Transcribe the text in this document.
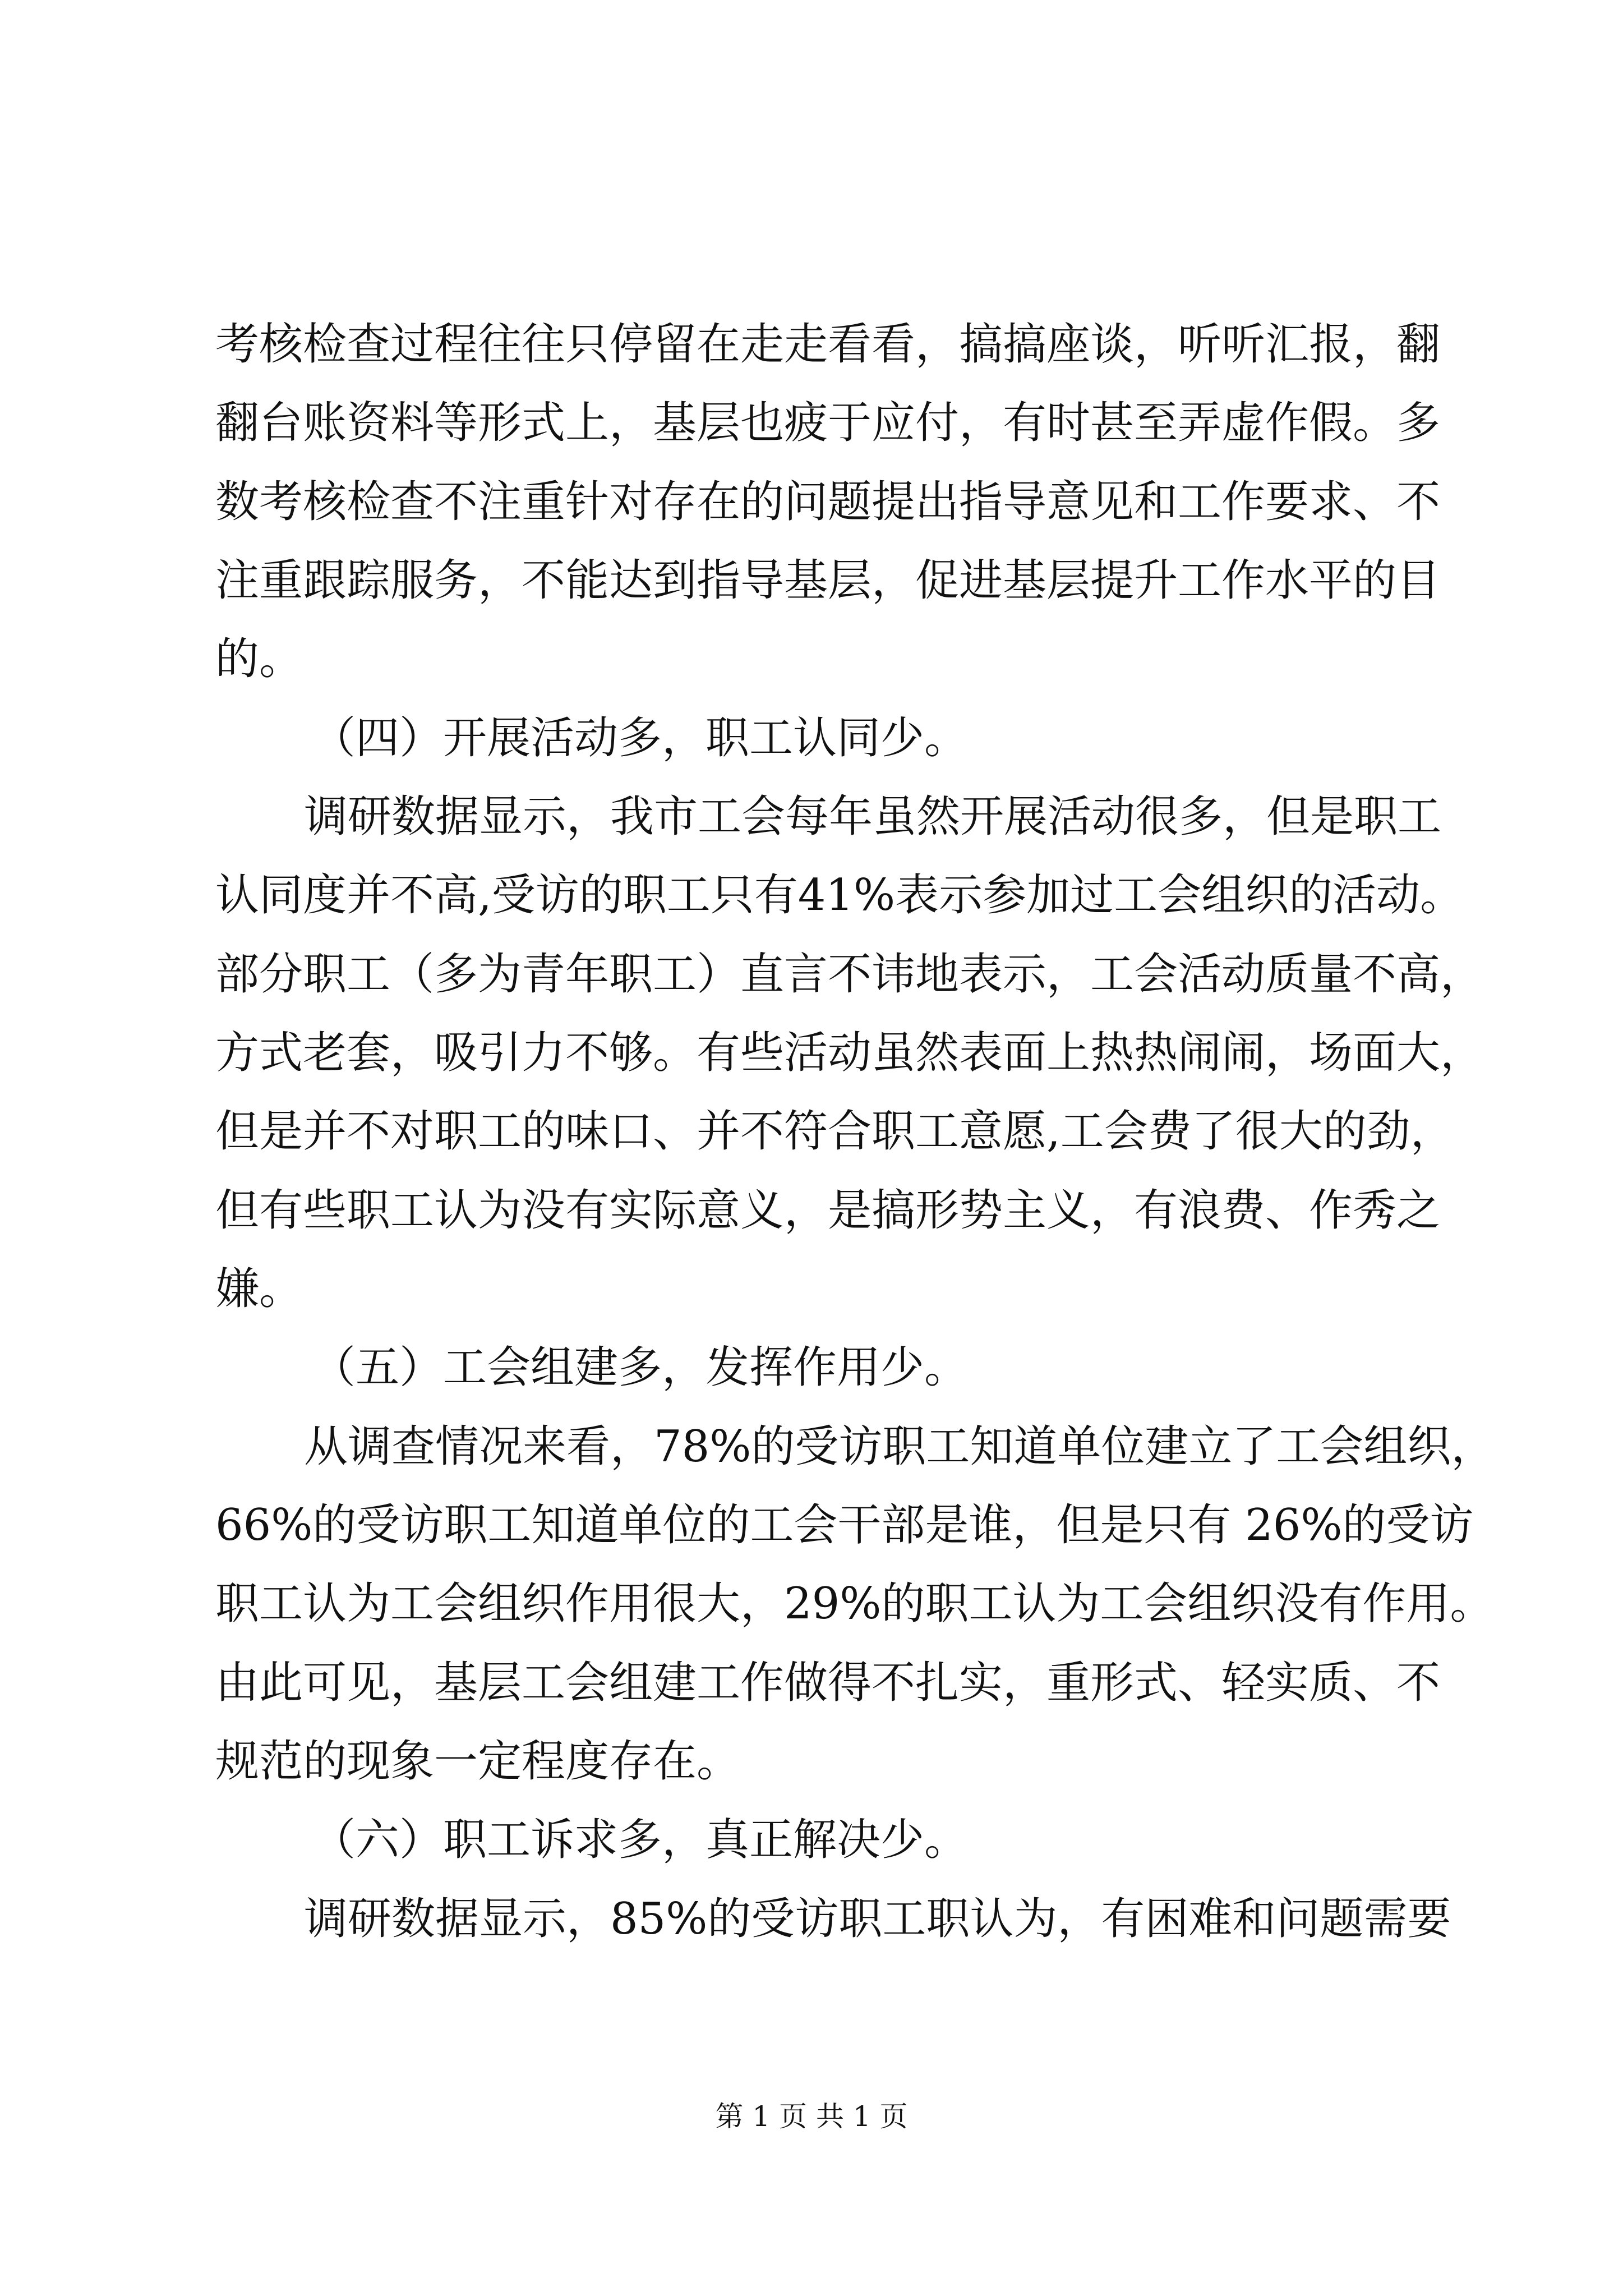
考核检查过程往往只停留在走走看看，搞搞座谈，听听汇报，翻
翻台账资料等形式上，基层也疲于应付，有时甚至弄虚作假。多
数考核检查不注重针对存在的问题提出指导意见和工作要求、不
注重跟踪服务，不能达到指导基层，促进基层提升工作水平的目
的。
（四）开展活动多，职工认同少。
调研数据显示，我市工会每年虽然开展活动很多，但是职工
认同度并不高,受访的职工只有41%表示参加过工会组织的活动。
部分职工（多为青年职工）直言不讳地表示，工会活动质量不高，
方式老套，吸引力不够。有些活动虽然表面上热热闹闹，场面大，
但是并不对职工的味口、并不符合职工意愿,工会费了很大的劲，
但有些职工认为没有实际意义，是搞形势主义，有浪费、作秀之
嫌。
（五）工会组建多，发挥作用少。
从调查情况来看，78%的受访职工知道单位建立了工会组织，
66%的受访职工知道单位的工会干部是谁，但是只有 26%的受访
职工认为工会组织作用很大，29%的职工认为工会组织没有作用。
由此可见，基层工会组建工作做得不扎实，重形式、轻实质、不
规范的现象一定程度存在。
（六）职工诉求多，真正解决少。
调研数据显示，85%的受访职工职认为，有困难和问题需要
第 1 页 共 1 页
